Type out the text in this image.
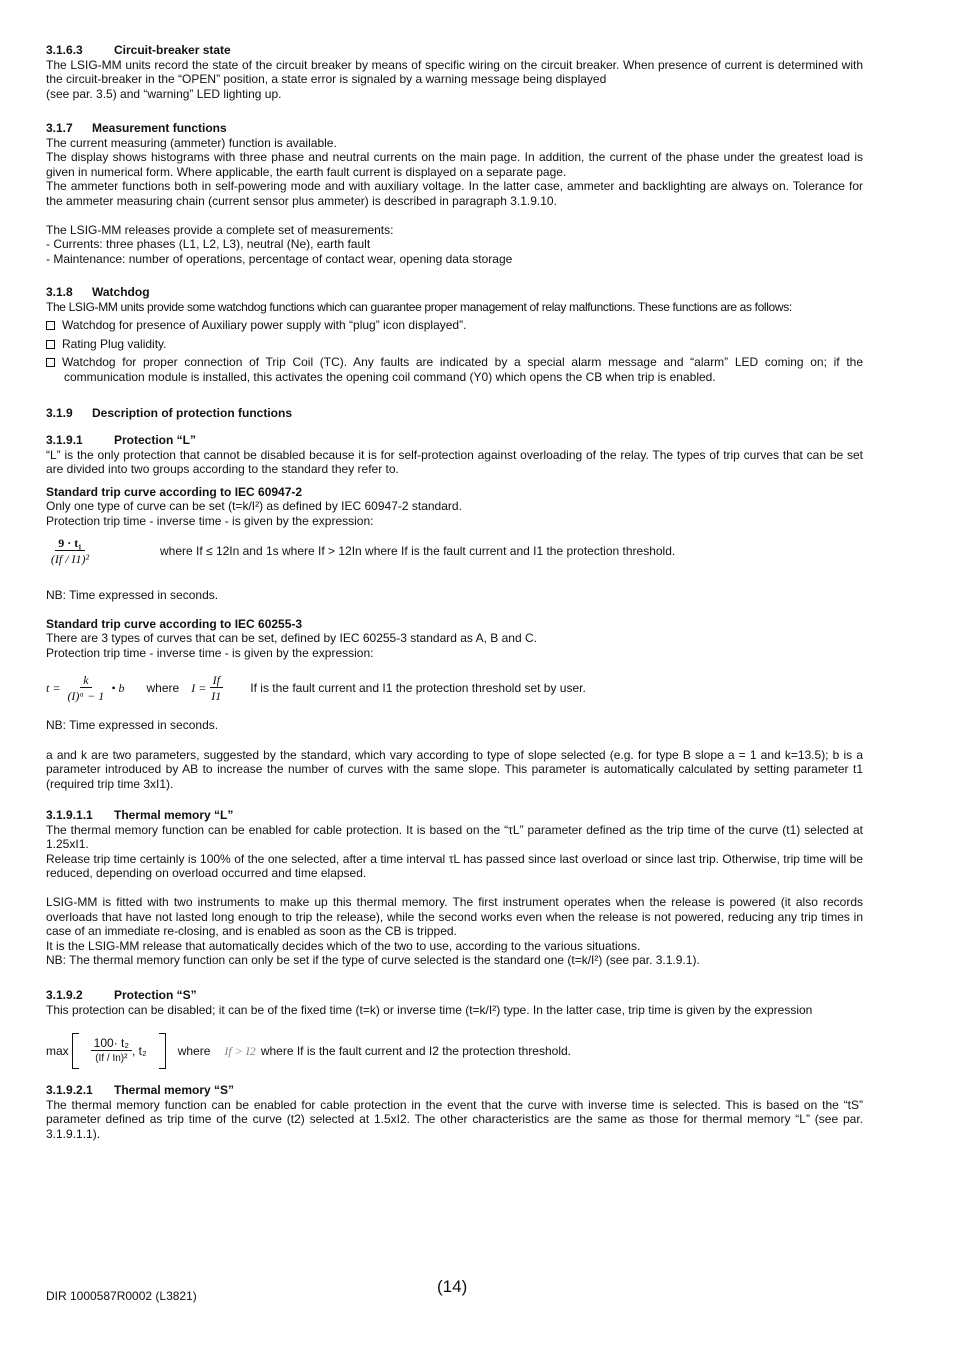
3.1.6.3	Circuit-breaker state

The LSIG-MM units record the state of the circuit breaker by means of specific wiring on the circuit breaker. When presence of current is determined with the circuit-breaker in the “OPEN” position, a state error is signaled by a warning message being displayed

(see par. 3.5) and “warning” LED lighting up.

3.1.7 Measurement functions

The current measuring (ammeter) function is available.

The display shows histograms with three phase and neutral currents on the main page. In addition, the current of the phase under the greatest load is given in numerical form. Where applicable, the earth fault current is displayed on a separate page.

The ammeter functions both in self-powering mode and with auxiliary voltage. In the latter case, ammeter and backlighting are always on. Tolerance for the ammeter measuring chain (current sensor plus ammeter) is described in paragraph 3.1.9.10.

The LSIG-MM releases provide a complete set of measurements:

- Currents: three phases (L1, L2, L3), neutral (Ne), earth fault

- Maintenance: number of operations, percentage of contact wear, opening data storage

3.1.8 Watchdog

The LSIG-MM units provide some watchdog functions which can guarantee proper management of relay malfunctions. These functions are as follows:

Watchdog for presence of Auxiliary power supply with “plug” icon displayed”.

Rating Plug validity.

Watchdog for proper connection of Trip Coil (TC). Any faults are indicated by a special alarm message and “alarm” LED coming on; if the communication module is installed, this activates the opening coil command (Y0) which opens the CB when trip is enabled.

3.1.9 Description of protection functions
3.1.9.1	Protection “L”

“L” is the only protection that cannot be disabled because it is for self-protection against overloading of the relay. The types of trip curves that can be set are divided into two groups according to the standard they refer to.

Standard trip curve according to IEC 60947-2

Only one type of curve can be set (t=k/I²) as defined by IEC 60947-2 standard.

Protection trip time - inverse time - is given by the expression:

$\frac{\text{9 · t₁}}{\text{(If / I1)²}}$	where If ≤ 12In and 1s where If > 12In where If is the fault current and I1 the protection threshold.

NB: Time expressed in seconds.

Standard trip curve according to IEC 60255-3

There are 3 types of curves that can be set, defined by IEC 60255-3 standard as A, B and C.

Protection trip time - inverse time - is given by the expression:

$t = \frac{k}{\text{(I)ᵅ − 1}}$ • b where $I = \frac{If}{I1}$ If is the fault current and I1 the protection threshold set by user.

NB: Time expressed in seconds.

a and k are two parameters, suggested by the standard, which vary according to type of slope selected (e.g. for type B slope a = 1 and k=13.5); b is a parameter introduced by AB to increase the number of curves with the same slope. This parameter is automatically calculated by setting parameter t1 (required trip time 3xI1).

3.1.9.1.1 Thermal memory “L”

The thermal memory function can be enabled for cable protection. It is based on the “τL” parameter defined as the trip time of the curve (t1) selected at 1.25xI1.

Release trip time certainly is 100% of the one selected, after a time interval τL has passed since last overload or since last trip. Otherwise, trip time will be reduced, depending on overload occurred and time elapsed.

LSIG-MM is fitted with two instruments to make up this thermal memory. The first instrument operates when the release is powered (it also records overloads that have not lasted long enough to trip the release), while the second works even when the release is not powered, reducing any trip times in case of an immediate re-closing, and is enabled as soon as the CB is tripped.

It is the LSIG-MM release that automatically decides which of the two to use, according to the various situations.

NB: The thermal memory function can only be set if the type of curve selected is the standard one (t=k/I²) (see par. 3.1.9.1).

3.1.9.2	Protection “S”

This protection can be disabled; it can be of the fixed time (t=k) or inverse time (t=k/I²) type. In the latter case, trip time is given by the expression

$\max \frac{\text{100· t₂}}{\text{(If / In)²}}$ , t₂	where If > I2 where If is the fault current and I2 the protection threshold.
3.1.9.2.1 Thermal memory “S”

The thermal memory function can be enabled for cable protection in the event that the curve with inverse time is selected. This is based on the “tS” parameter defined as trip time of the curve (t2) selected at 1.5xI2. The other characteristics are the same as those for thermal memory “L” (see par. 3.1.9.1.1).

DIR 1000587R0002 (L3821)	(14)
